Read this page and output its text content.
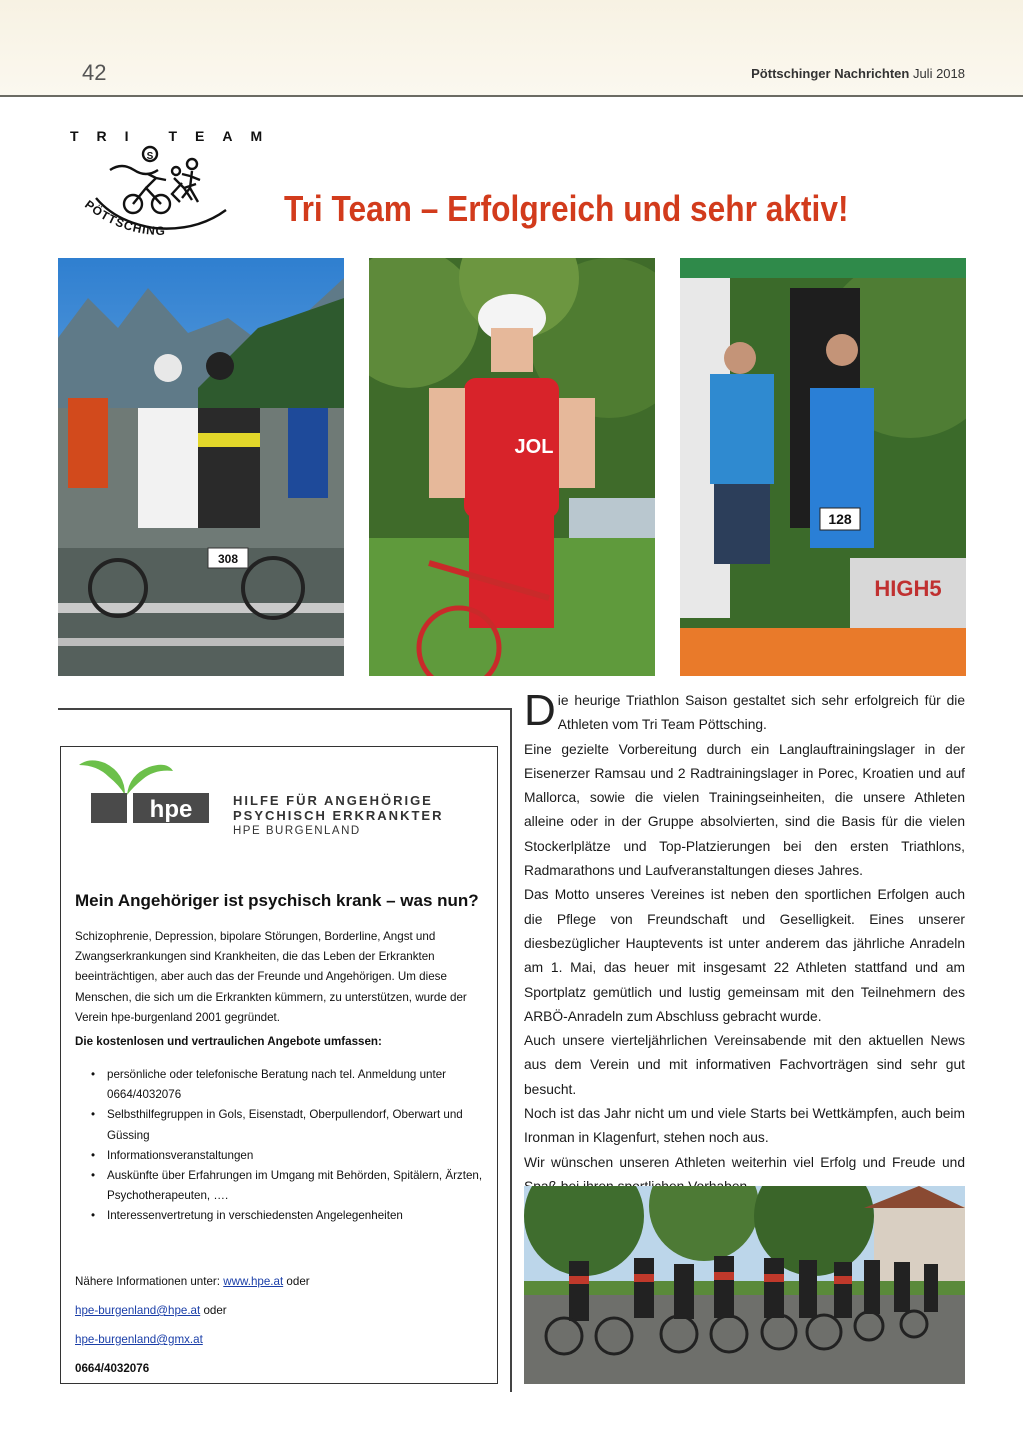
42	Pöttschinger Nachrichten Juli 2018
TRI TEAM
S
PÖTTSCHING
Tri Team – Erfolgreich und sehr aktiv!
308
JOL
HIGH5
128
hpe	HILFE FÜR ANGEHÖRIGE
PSYCHISCH ERKRANKTER
HPE BURGENLAND
Mein Angehöriger ist psychisch krank – was nun?
Schizophrenie, Depression, bipolare Störungen, Borderline, Angst und Zwangserkrankungen sind Krankheiten, die das Leben der Erkrankten beeinträchtigen, aber auch das der Freunde und Angehörigen. Um diese Menschen, die sich um die Erkrankten kümmern, zu unterstützen, wurde der Verein hpe-burgenland 2001 gegründet.
Die kostenlosen und vertraulichen Angebote umfassen:
• persönliche oder telefonische Beratung nach tel. Anmeldung unter 0664/4032076
• Selbsthilfegruppen in Gols, Eisenstadt, Oberpullendorf, Oberwart und Güssing
• Informationsveranstaltungen
• Auskünfte über Erfahrungen im Umgang mit Behörden, Spitälern, Ärzten, Psychotherapeuten, ….
• Interessenvertretung in verschiedensten Angelegenheiten
Nähere Informationen unter: www.hpe.at oder
hpe-burgenland@hpe.at oder
hpe-burgenland@gmx.at
0664/4032076

Die heurige Triathlon Saison gestaltet sich sehr erfolgreich für die Athleten vom Tri Team Pöttsching.

Eine gezielte Vorbereitung durch ein Langlauftrainingslager in der Eisenerzer Ramsau und 2 Radtrainingslager in Porec, Kroatien und auf Mallorca, sowie die vielen Trainingseinheiten, die unsere Athleten alleine oder in der Gruppe absolvierten, sind die Basis für die vielen Stockerlplätze und Top-Platzierungen bei den ersten Triathlons, Radmarathons und Laufveranstaltungen dieses Jahres.

Das Motto unseres Vereines ist neben den sportlichen Erfolgen auch die Pflege von Freundschaft und Geselligkeit. Eines unserer diesbezüglicher Hauptevents ist unter anderem das jährliche Anradeln am 1. Mai, das heuer mit insgesamt 22 Athleten stattfand und am Sportplatz gemütlich und lustig gemeinsam mit den Teilnehmern des ARBÖ-Anradeln zum Abschluss gebracht wurde.

Auch unsere vierteljährlichen Vereinsabende mit den aktuellen News aus dem Verein und mit informativen Fachvorträgen sind sehr gut besucht.

Noch ist das Jahr nicht um und viele Starts bei Wettkämpfen, auch beim Ironman in Klagenfurt, stehen noch aus.

Wir wünschen unseren Athleten weiterhin viel Erfolg und Freude und
